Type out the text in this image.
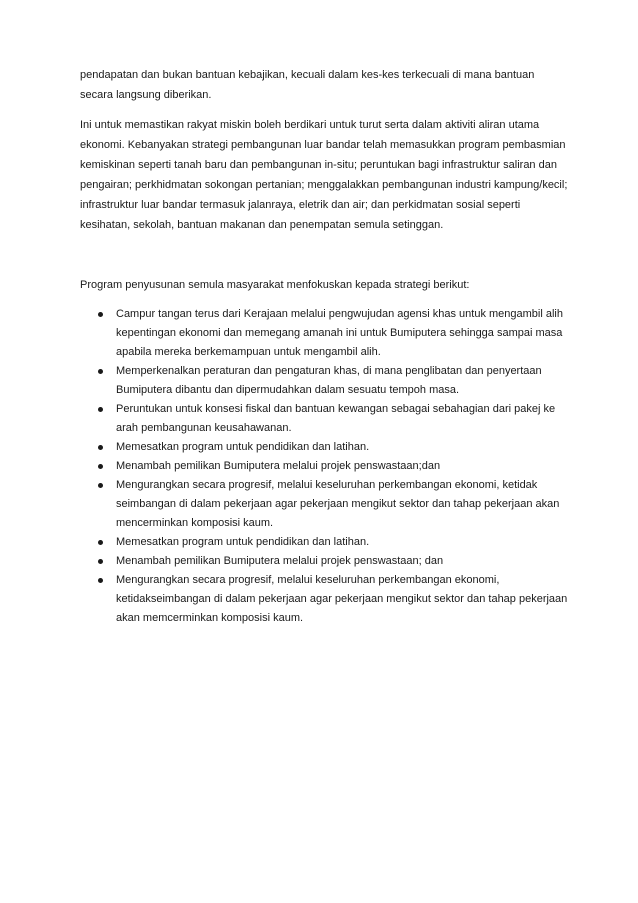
pendapatan dan bukan bantuan kebajikan, kecuali dalam kes-kes terkecuali di mana bantuan secara langsung diberikan.

Ini untuk memastikan rakyat miskin boleh berdikari untuk turut serta dalam aktiviti aliran utama ekonomi. Kebanyakan strategi pembangunan luar bandar telah memasukkan program pembasmian kemiskinan seperti tanah baru dan pembangunan in-situ; peruntukan bagi infrastruktur saliran dan pengairan; perkhidmatan sokongan pertanian; menggalakkan pembangunan industri kampung/kecil; infrastruktur luar bandar termasuk jalanraya, eletrik dan air; dan perkidmatan sosial seperti kesihatan, sekolah, bantuan makanan dan penempatan semula setinggan.

Program penyusunan semula masyarakat menfokuskan kepada strategi berikut:

Campur tangan terus dari Kerajaan melalui pengwujudan agensi khas untuk mengambil alih kepentingan ekonomi dan memegang amanah ini untuk Bumiputera sehingga sampai masa apabila mereka berkemampuan untuk mengambil alih.
Memperkenalkan peraturan dan pengaturan khas, di mana penglibatan dan penyertaan Bumiputera dibantu dan dipermudahkan dalam sesuatu tempoh masa.
Peruntukan untuk konsesi fiskal dan bantuan kewangan sebagai sebahagian dari pakej ke arah pembangunan keusahawanan.
Memesatkan program untuk pendidikan dan latihan.
Menambah pemilikan Bumiputera melalui projek penswastaan;dan
Mengurangkan secara progresif, melalui keseluruhan perkembangan ekonomi, ketidak seimbangan di dalam pekerjaan agar pekerjaan mengikut sektor dan tahap pekerjaan akan mencerminkan komposisi kaum.
Memesatkan program untuk pendidikan dan latihan.
Menambah pemilikan Bumiputera melalui projek penswastaan; dan
Mengurangkan secara progresif, melalui keseluruhan perkembangan ekonomi, ketidakseimbangan di dalam pekerjaan agar pekerjaan mengikut sektor dan tahap pekerjaan akan memcerminkan komposisi kaum.
